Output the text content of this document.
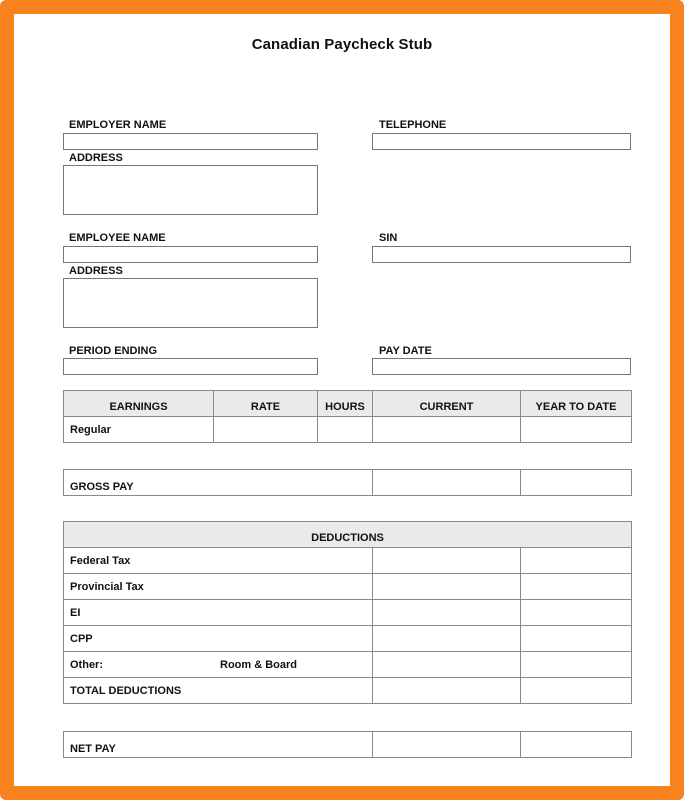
Canadian Paycheck Stub
EMPLOYER NAME	TELEPHONE
ADDRESS
EMPLOYEE NAME	SIN
ADDRESS
PERIOD ENDING	PAY DATE
EARNINGS	RATE	HOURS	CURRENT	YEAR TO DATE
Regular				
GROSS PAY		
DEDUCTIONS		
Federal Tax		
Provincial Tax		
EI		
CPP		
Other: Room & Board		
TOTAL DEDUCTIONS		
NET PAY		
